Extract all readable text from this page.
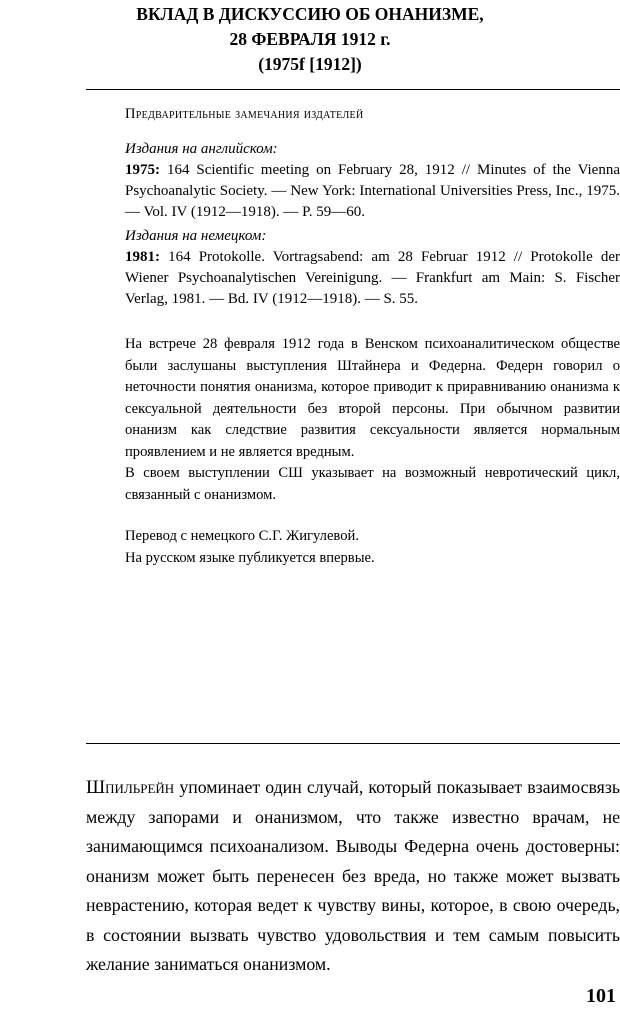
ВКЛАД В ДИСКУССИЮ ОБ ОНАНИЗМЕ,
28 ФЕВРАЛЯ 1912 г.
(1975f [1912])

Предварительные замечания издателей

Издания на английском:

1975: 164 Scientific meeting on February 28, 1912 // Minutes of the Vienna Psychoanalytic Society. — New York: International Universities Press, Inc., 1975. — Vol. IV (1912—1918). — P. 59—60.

Издания на немецком:

1981: 164 Protokolle. Vortragsabend: am 28 Februar 1912 // Protokolle der Wiener Psychoanalytischen Vereinigung. — Frankfurt am Main: S. Fischer Verlag, 1981. — Bd. IV (1912—1918). — S. 55.

На встрече 28 февраля 1912 года в Венском психоаналитическом обществе были заслушаны выступления Штайнера и Федерна. Федерн говорил о неточности понятия онанизма, которое приводит к приравниванию онанизма к сексуальной деятельности без второй персоны. При обычном развитии онанизм как следствие развития сексуальности является нормальным проявлением и не является вредным.

В своем выступлении СШ указывает на возможный невротический цикл, связанный с онанизмом.

Перевод с немецкого С.Г. Жигулевой.

На русском языке публикуется впервые.

Шпильрейн упоминает один случай, который показывает взаимосвязь между запорами и онанизмом, что также известно врачам, не занимающимся психоанализом. Выводы Федерна очень достоверны: онанизм может быть перенесен без вреда, но также может вызвать неврастению, которая ведет к чувству вины, которое, в свою очередь, в состоянии вызвать чувство удовольствия и тем самым повысить желание заниматься онанизмом.

101
